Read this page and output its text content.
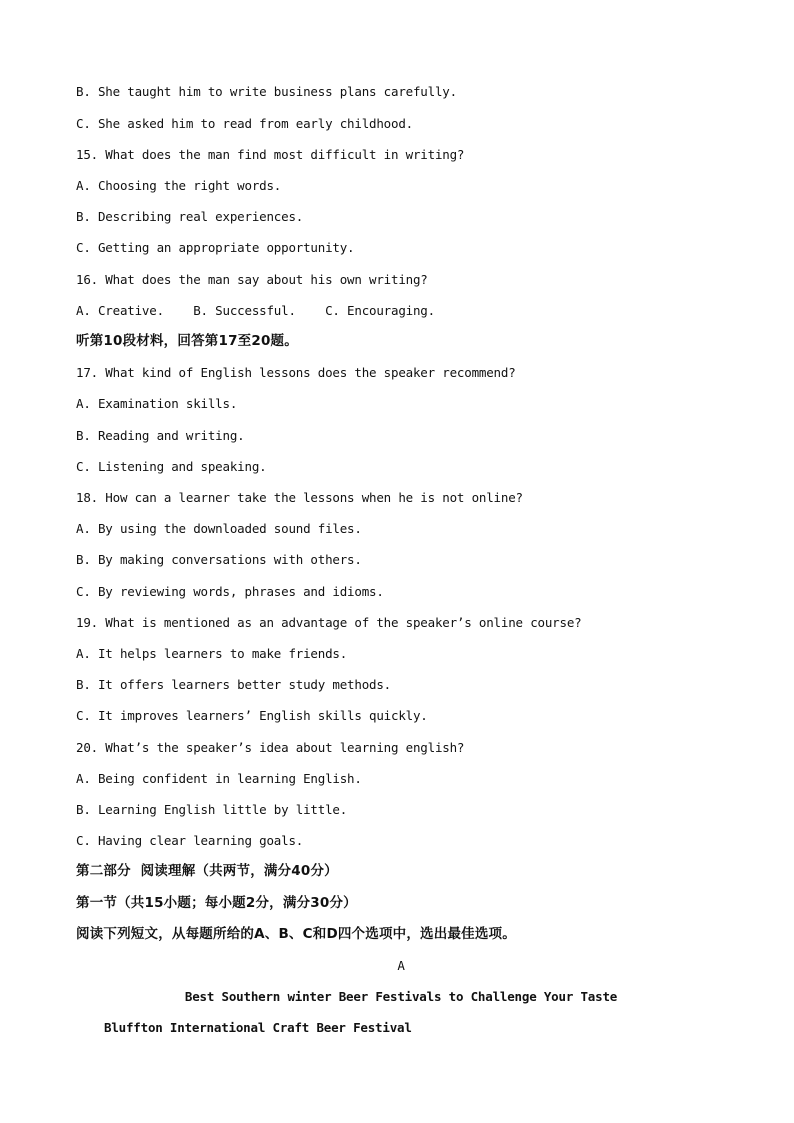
B. She taught him to write business plans carefully.
C. She asked him to read from early childhood.
15. What does the man find most difficult in writing?
A. Choosing the right words.
B. Describing real experiences.
C. Getting an appropriate opportunity.
16. What does the man say about his own writing?
A. Creative.    B. Successful.    C. Encouraging.
听第10段材料，回答第17至20题。
17. What kind of English lessons does the speaker recommend?
A. Examination skills.
B. Reading and writing.
C. Listening and speaking.
18. How can a learner take the lessons when he is not online?
A. By using the downloaded sound files.
B. By making conversations with others.
C. By reviewing words, phrases and idioms.
19. What is mentioned as an advantage of the speaker’s online course?
A. It helps learners to make friends.
B. It offers learners better study methods.
C. It improves learners’ English skills quickly.
20. What’s the speaker’s idea about learning english?
A. Being confident in learning English.
B. Learning English little by little.
C. Having clear learning goals.
第二部分  阅读理解（共两节，满分40分）
第一节（共15小题；每小题2分，满分30分）
阅读下列短文，从每题所给的A、B、C和D四个选项中，选出最佳选项。
A
Best Southern winter Beer Festivals to Challenge Your Taste
Bluffton International Craft Beer Festival
